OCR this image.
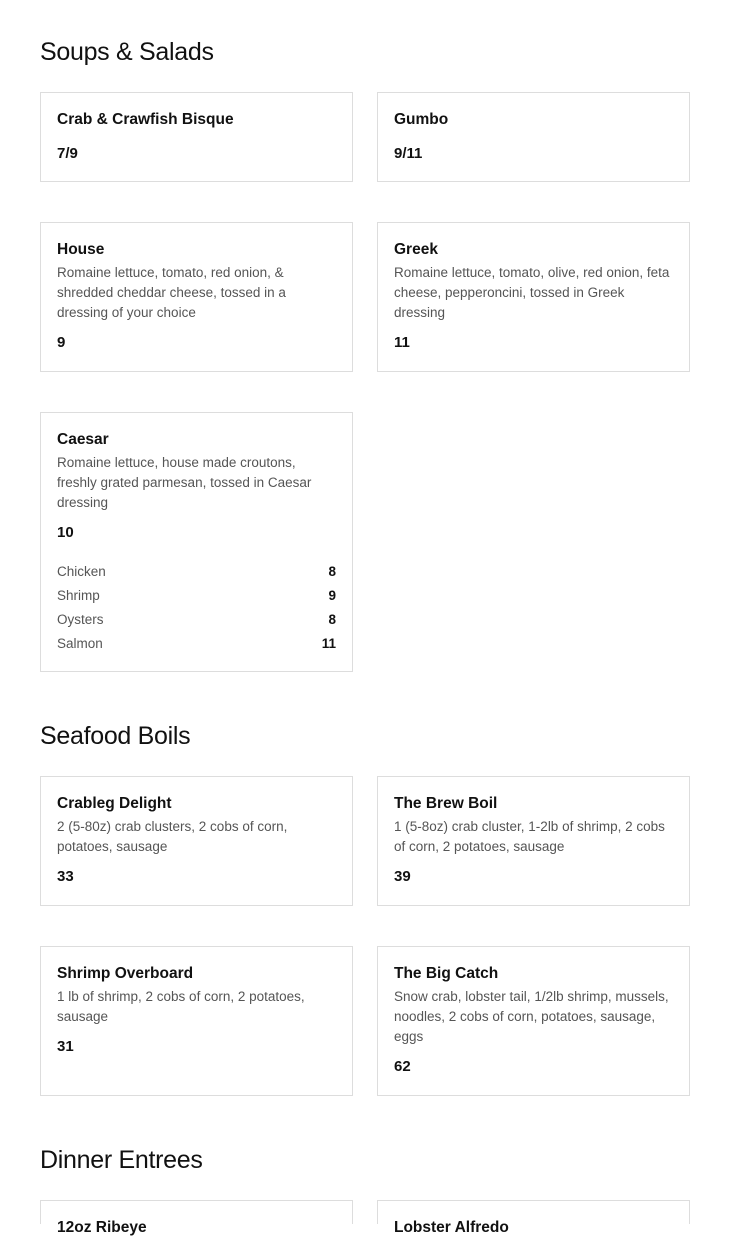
Soups & Salads
Crab & Crawfish Bisque
7/9
Gumbo
9/11
House
Romaine lettuce, tomato, red onion, & shredded cheddar cheese, tossed in a dressing of your choice
9
Greek
Romaine lettuce, tomato, olive, red onion, feta cheese, pepperoncini, tossed in Greek dressing
11
Caesar
Romaine lettuce, house made croutons, freshly grated parmesan, tossed in Caesar dressing
10
Chicken	8
Shrimp	9
Oysters	8
Salmon	11
Seafood Boils
Crableg Delight
2 (5-80z) crab clusters, 2 cobs of corn, potatoes, sausage
33
The Brew Boil
1 (5-8oz) crab cluster, 1-2lb of shrimp, 2 cobs of corn, 2 potatoes, sausage
39
Shrimp Overboard
1 lb of shrimp, 2 cobs of corn, 2 potatoes, sausage
31
The Big Catch
Snow crab, lobster tail, 1/2lb shrimp, mussels, noodles, 2 cobs of corn, potatoes, sausage, eggs
62
Dinner Entrees
12oz Ribeye	Lobster Alfredo
